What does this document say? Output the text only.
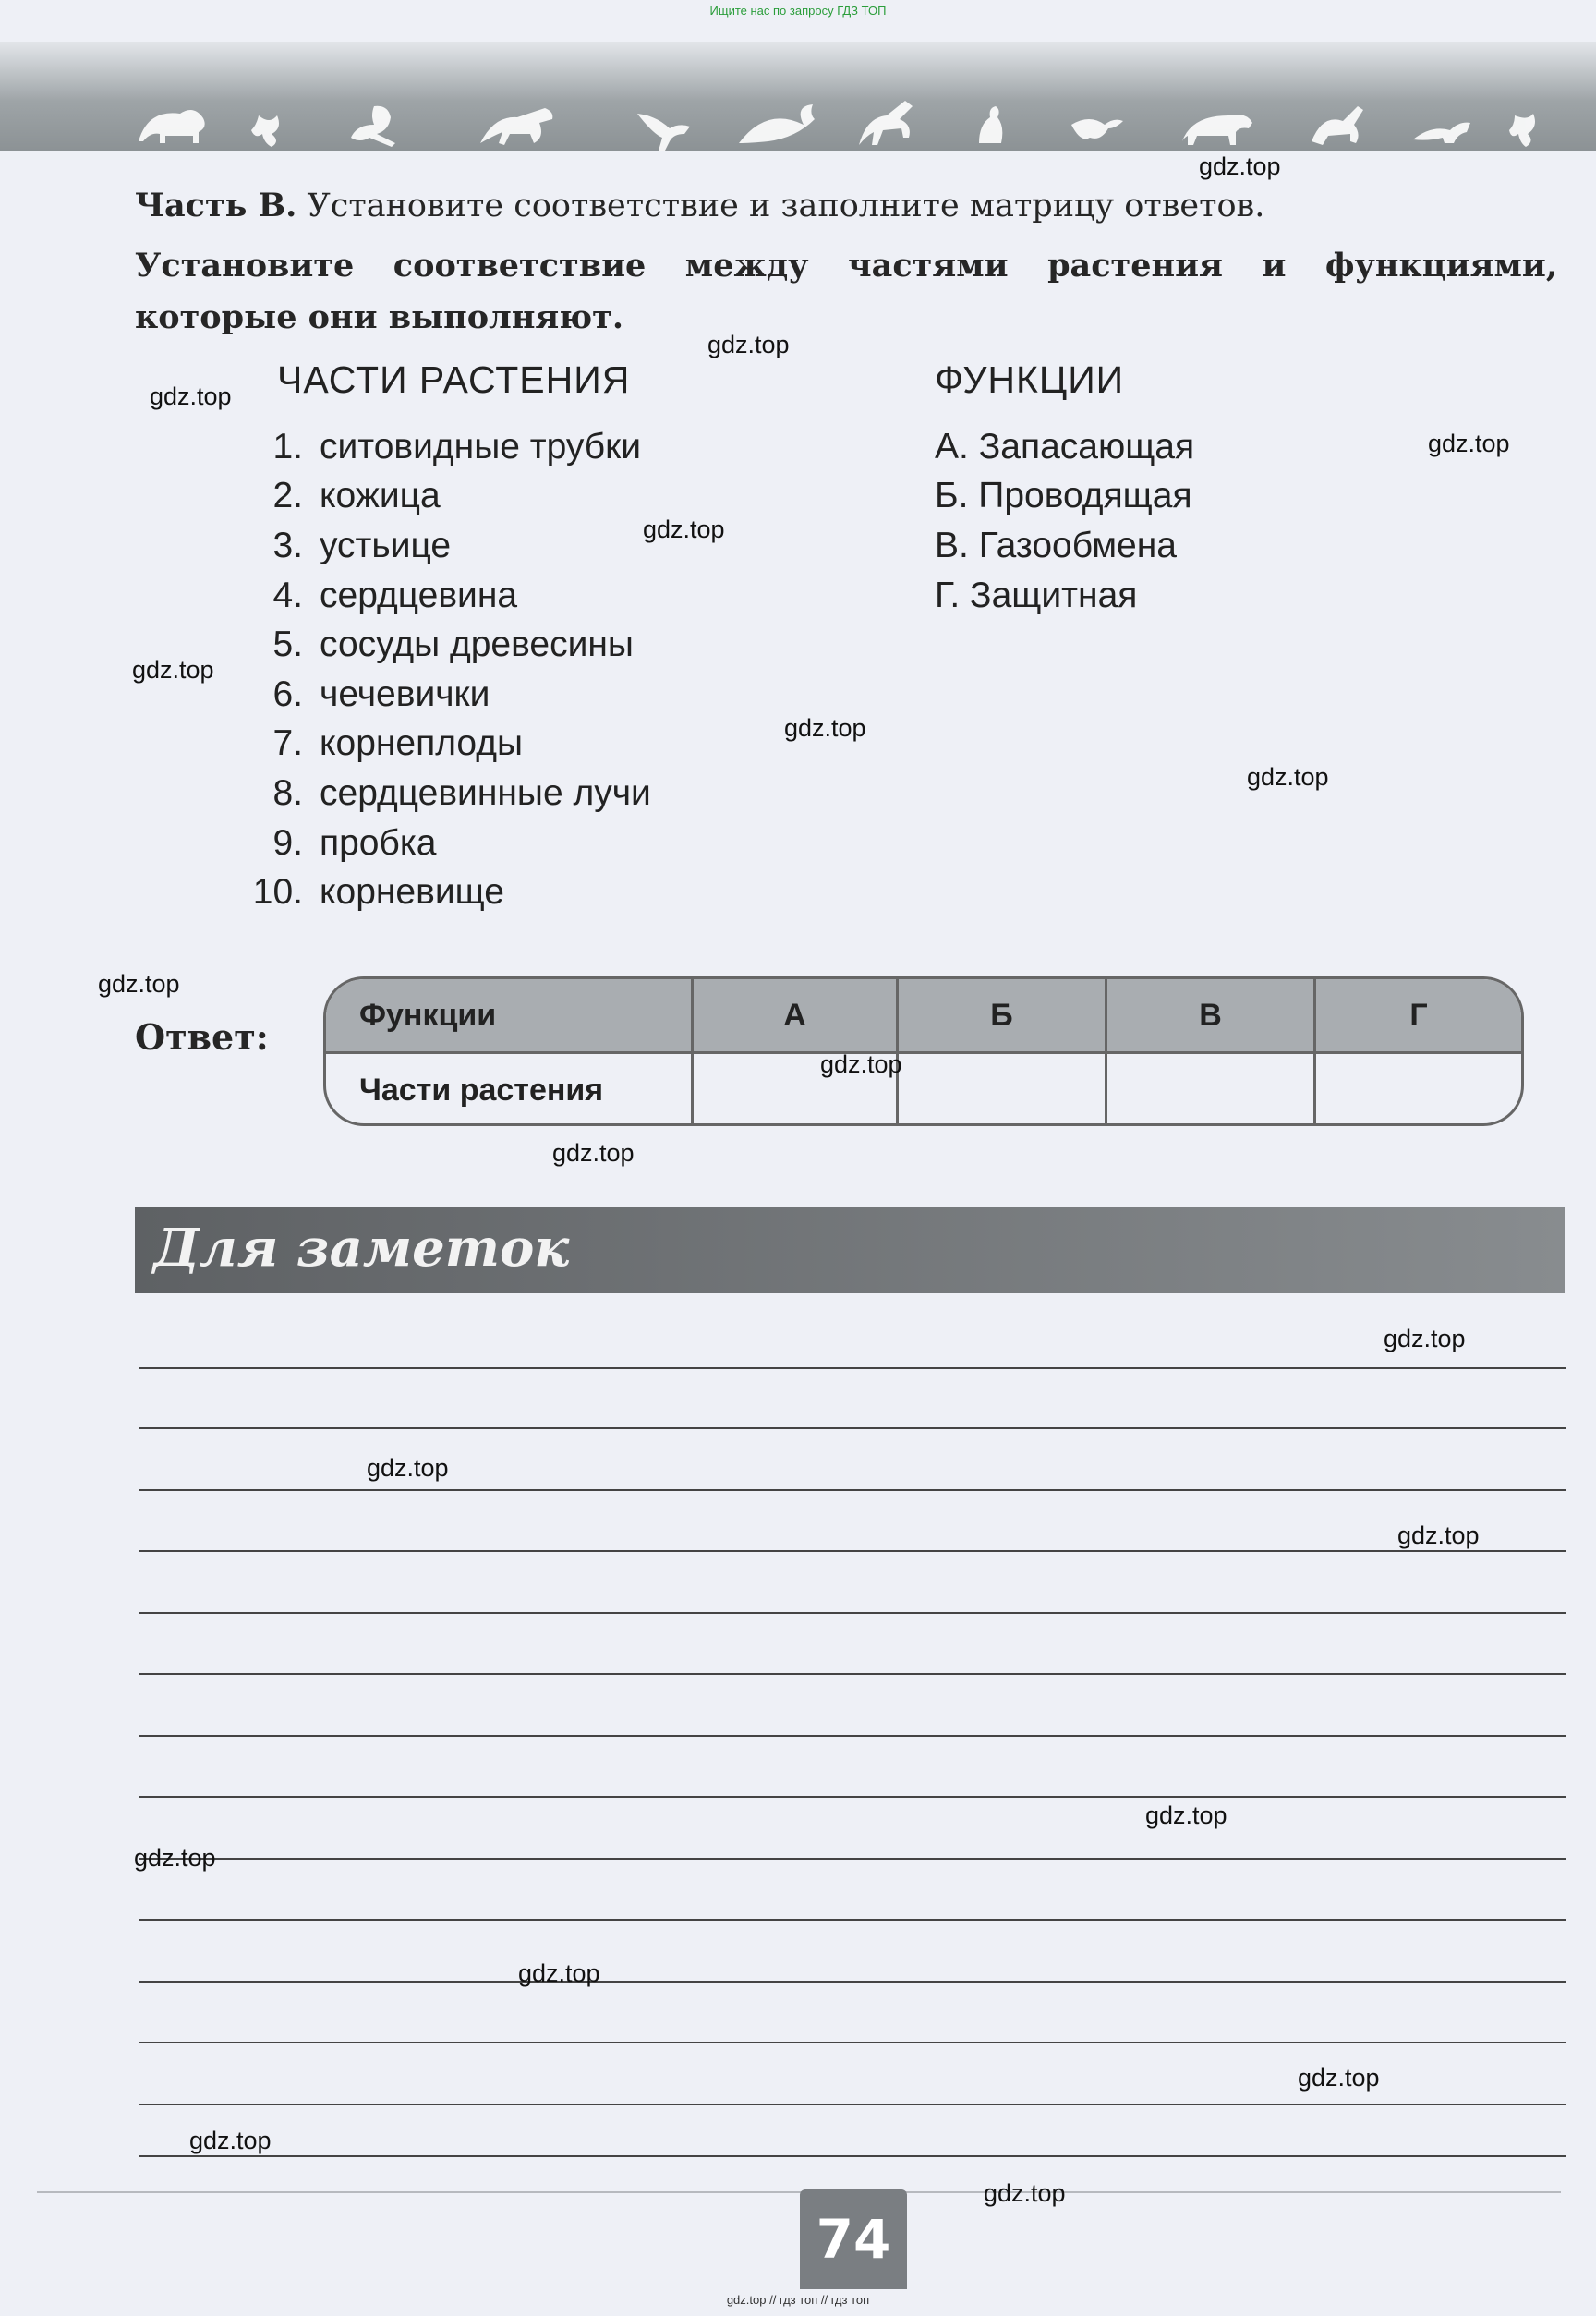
Ищите нас по запросу ГДЗ ТОП
Часть В. Установите соответствие и заполните матрицу ответов.
Установите соответствие между частями растения и функциями,
которые они выполняют.
ЧАСТИ РАСТЕНИЯ	ФУНКЦИИ
1. ситовидные трубки
2. кожица
3. устьице
4. сердцевина
5. сосуды древесины
6. чечевички
7. корнеплоды
8. сердцевинные лучи
9. пробка
10. корневище
А. Запасающая
Б. Проводящая
В. Газообмена
Г. Защитная
Ответ:
Функции	А	Б	В	Г
Части растения
Для заметок
74
gdz.top
gdz.top
gdz.top
gdz.top
gdz.top
gdz.top
gdz.top
gdz.top
gdz.top
gdz.top
gdz.top
gdz.top
gdz.top
gdz.top
gdz.top
gdz.top
gdz.top
gdz.top
gdz.top
gdz.top
gdz.top // гдз топ // гдз топ
